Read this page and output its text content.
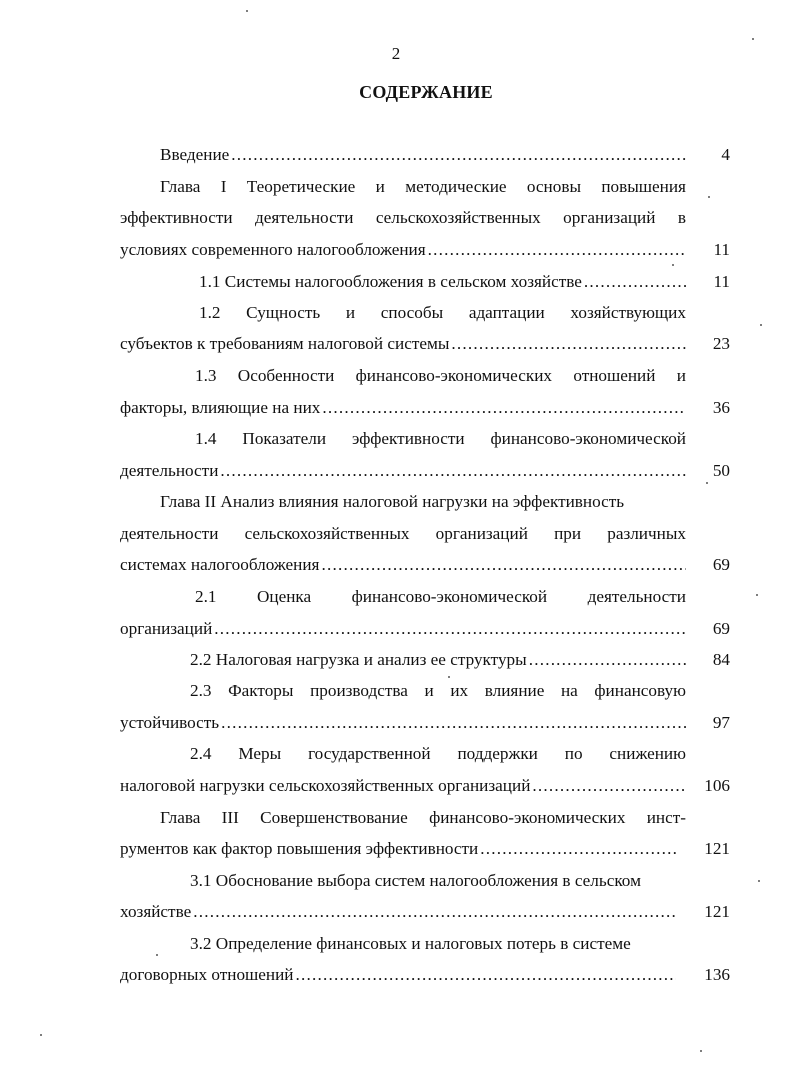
2
СОДЕРЖАНИЕ
Введение .....	4
Глава I Теоретические и методические основы повышения
эффективности деятельности сельскохозяйственных организаций в
условиях современного налогообложения .....	11
1.1 Системы налогообложения в сельском хозяйстве .....	11
1.2 Сущность и способы адаптации хозяйствующих
субъектов к требованиям налоговой системы .....	23
1.3 Особенности финансово-экономических отношений и
факторы, влияющие на них .....	36
1.4 Показатели эффективности финансово-экономической
деятельности .....	50
Глава II Анализ влияния налоговой нагрузки на эффективность
деятельности сельскохозяйственных организаций при различных
системах налогообложения .....	69
2.1 Оценка финансово-экономической деятельности
организаций .....	69
2.2 Налоговая нагрузка и анализ ее структуры .....	84
2.3 Факторы производства и их влияние на финансовую
устойчивость .....	97
2.4 Меры государственной поддержки по снижению
налоговой нагрузки сельскохозяйственных организаций .....	106
Глава III Совершенствование финансово-экономических инст-
рументов как фактор повышения эффективности .....	121
3.1 Обоснование выбора систем налогообложения в сельском
хозяйстве .....	121
3.2 Определение финансовых и налоговых потерь в системе
договорных отношений .....	136
